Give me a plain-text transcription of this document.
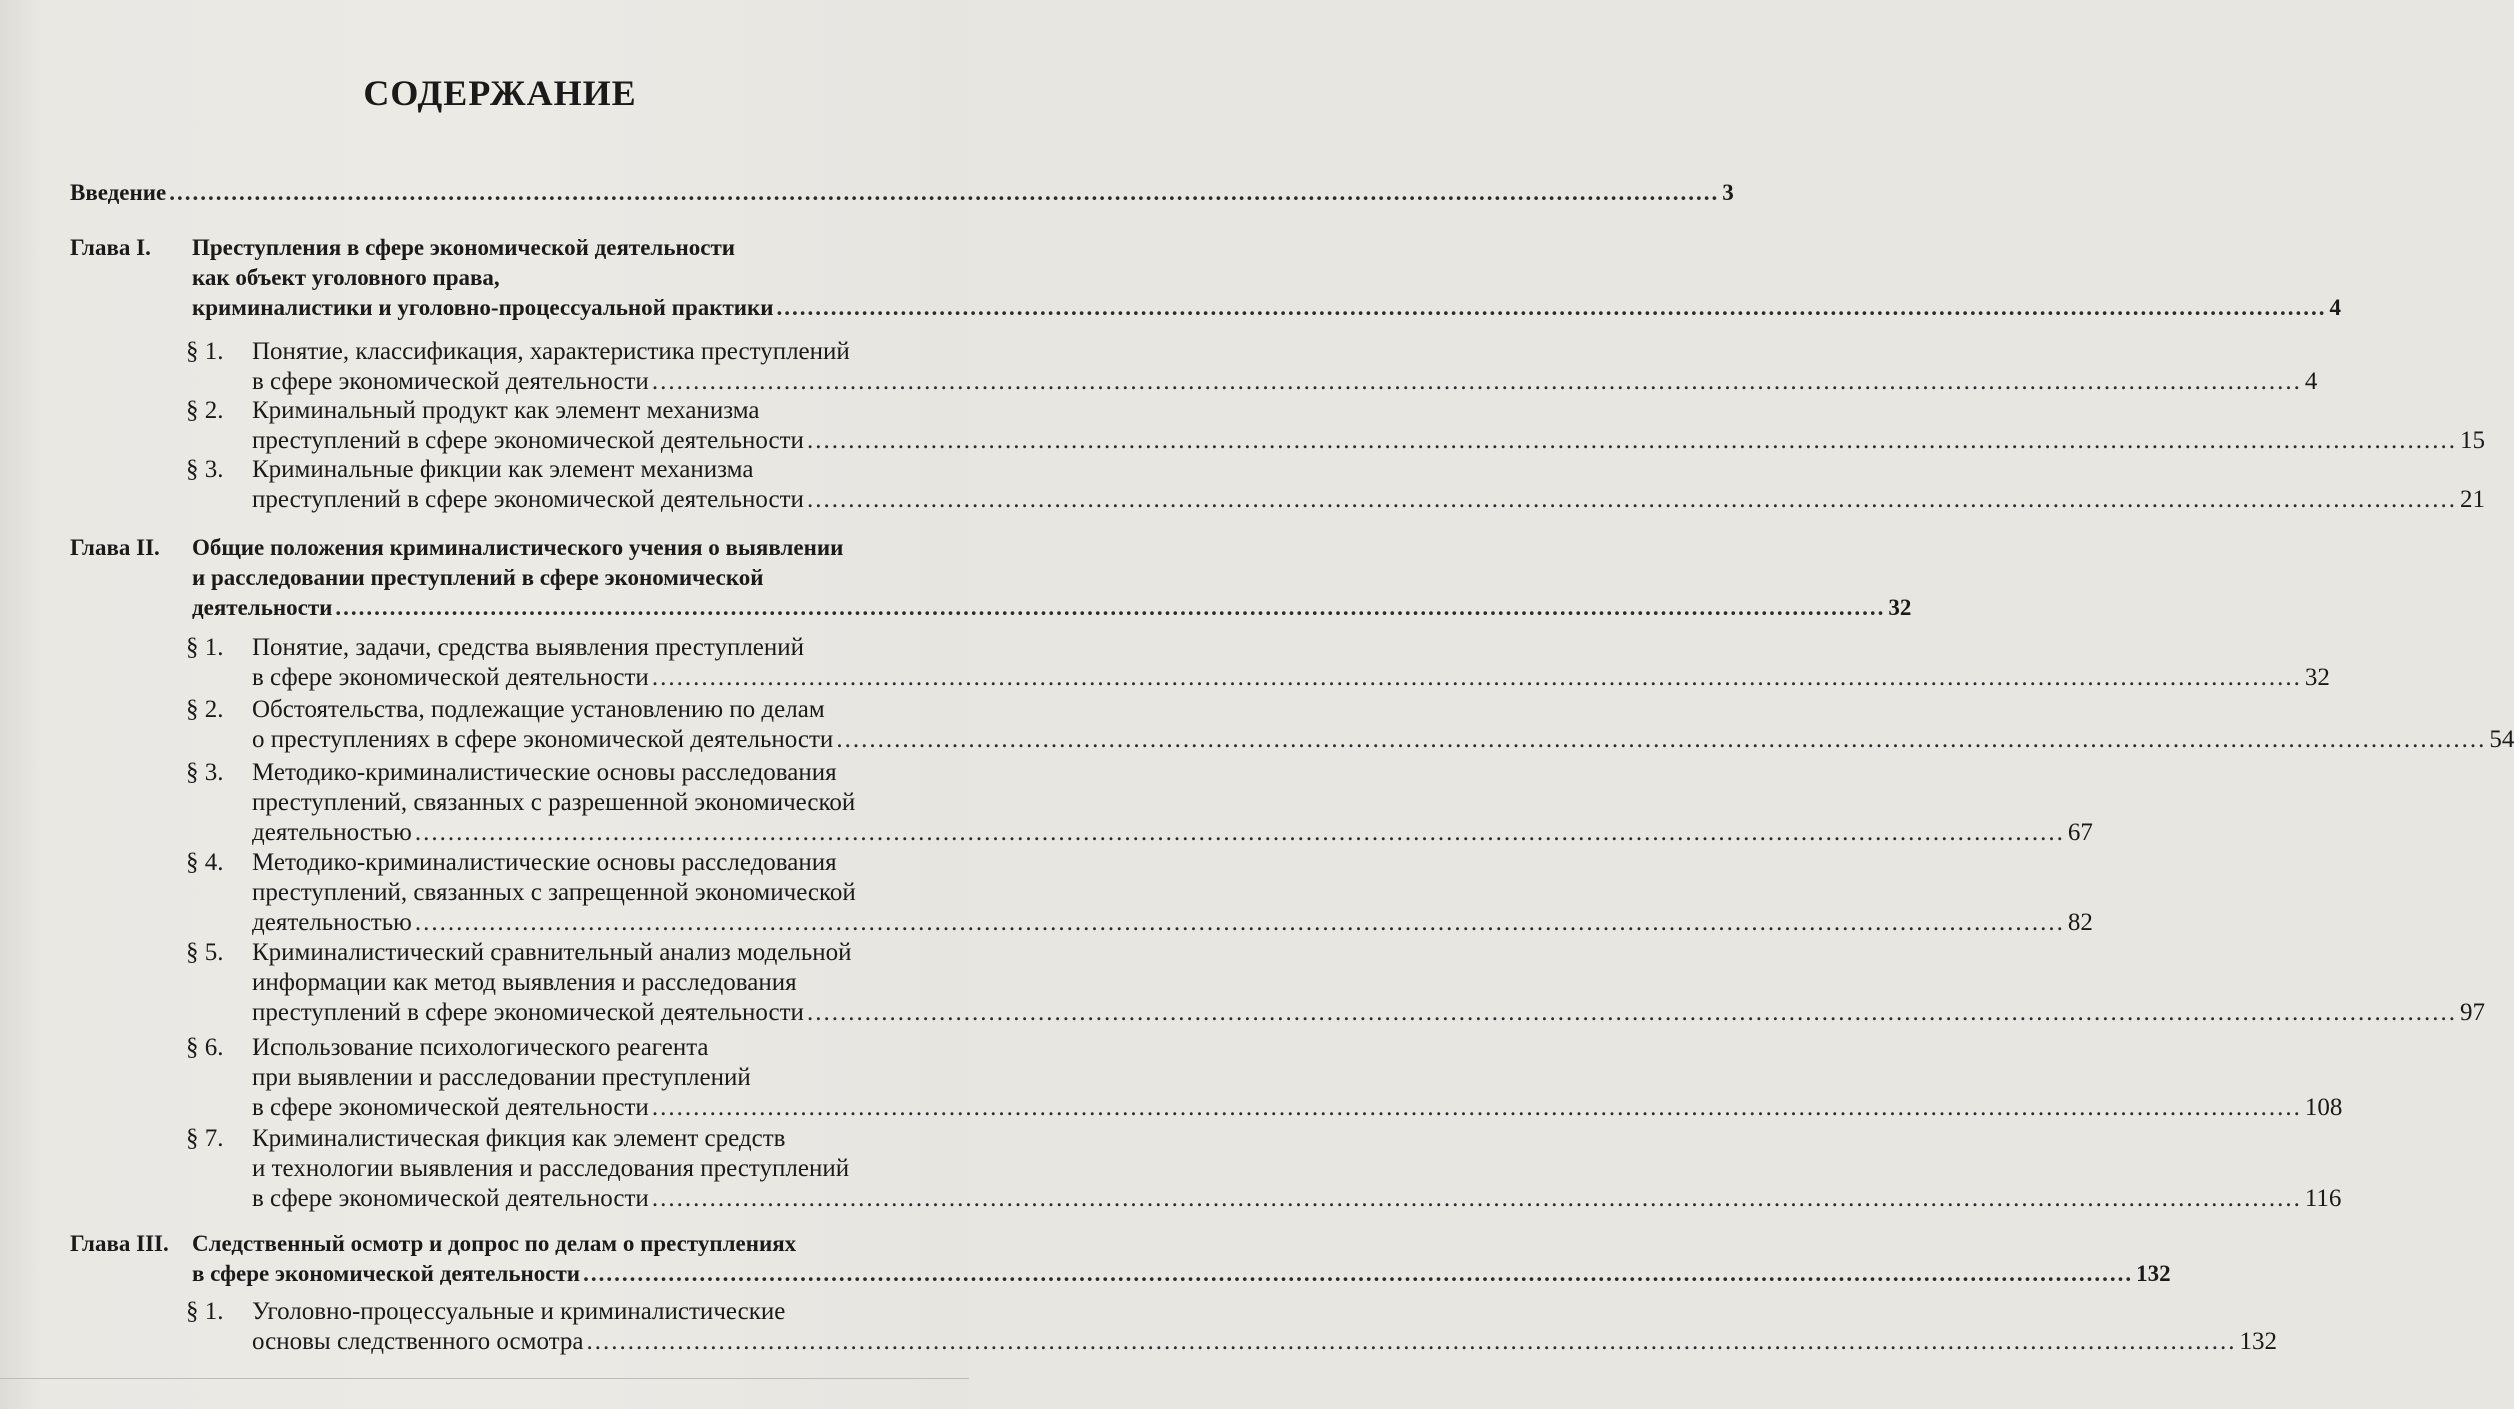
СОДЕРЖАНИЕ
Введение ........................................................................................................................................................................................................ 3
Глава I.	Преступления в сфере экономической деятельности
как объект уголовного права,
криминалистики и уголовно-процессуальной практики ........................................................................................................................................................................................................ 4
§ 1.	Понятие, классификация, характеристика преступлений
в сфере экономической деятельности ........................................................................................................................................................................................................ 4
§ 2.	Криминальный продукт как элемент механизма
преступлений в сфере экономической деятельности ........................................................................................................................................................................................................ 15
§ 3.	Криминальные фикции как элемент механизма
преступлений в сфере экономической деятельности ........................................................................................................................................................................................................ 21
Глава II.	Общие положения криминалистического учения о выявлении
и расследовании преступлений в сфере экономической
деятельности ........................................................................................................................................................................................................ 32
§ 1.	Понятие, задачи, средства выявления преступлений
в сфере экономической деятельности ........................................................................................................................................................................................................ 32
§ 2.	Обстоятельства, подлежащие установлению по делам
о преступлениях в сфере экономической деятельности ........................................................................................................................................................................................................ 54
§ 3.	Методико-криминалистические основы расследования
преступлений, связанных с разрешенной экономической
деятельностью ........................................................................................................................................................................................................ 67
§ 4.	Методико-криминалистические основы расследования
преступлений, связанных с запрещенной экономической
деятельностью ........................................................................................................................................................................................................ 82
§ 5.	Криминалистический сравнительный анализ модельной
информации как метод выявления и расследования
преступлений в сфере экономической деятельности ........................................................................................................................................................................................................ 97
§ 6.	Использование психологического реагента
при выявлении и расследовании преступлений
в сфере экономической деятельности ........................................................................................................................................................................................................ 108
§ 7.	Криминалистическая фикция как элемент средств
и технологии выявления и расследования преступлений
в сфере экономической деятельности ........................................................................................................................................................................................................ 116
Глава III.	Следственный осмотр и допрос по делам о преступлениях
в сфере экономической деятельности ........................................................................................................................................................................................................ 132
§ 1.	Уголовно-процессуальные и криминалистические
основы следственного осмотра ........................................................................................................................................................................................................ 132
